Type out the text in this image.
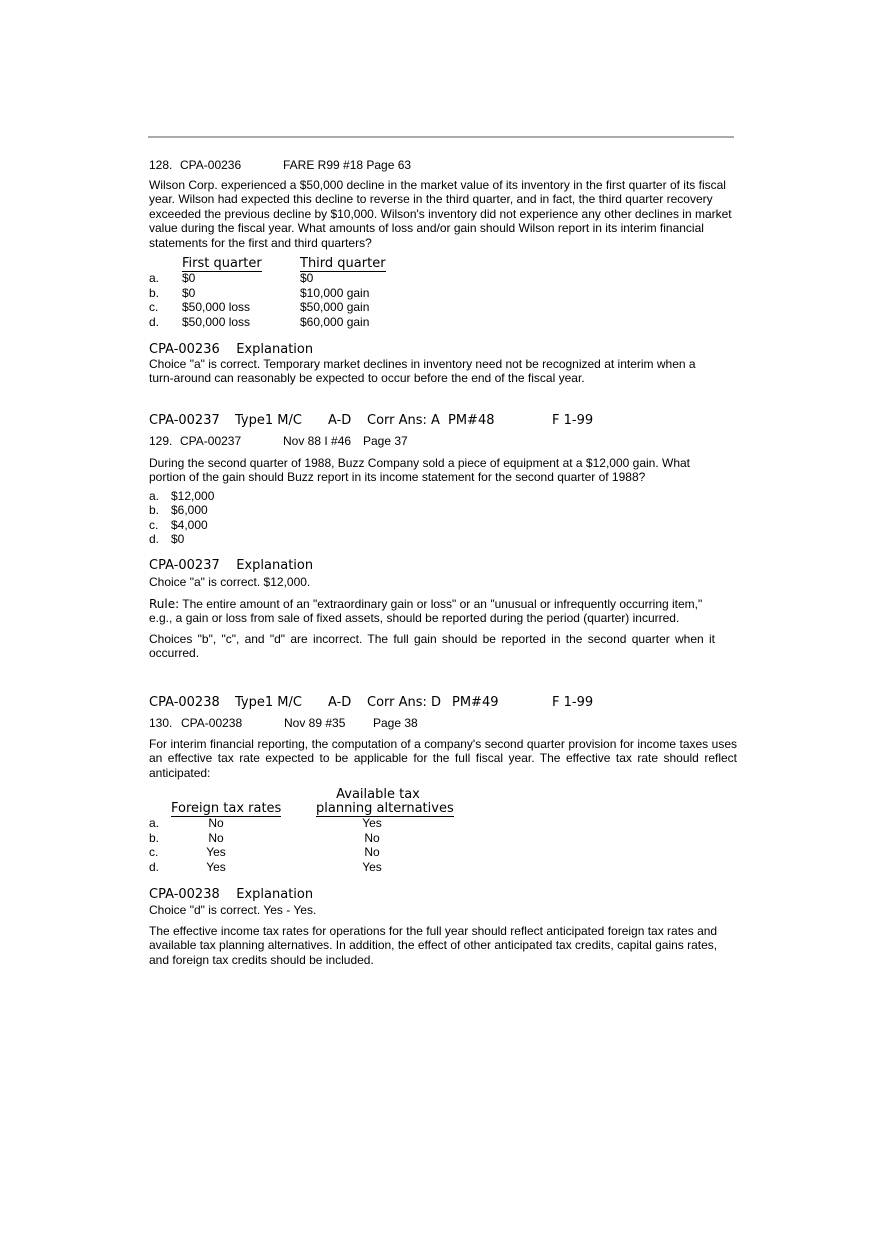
128. CPA-00236	FARE R99 #18 Page 63
Wilson Corp. experienced a $50,000 decline in the market value of its inventory in the first quarter of its fiscal year. Wilson had expected this decline to reverse in the third quarter, and in fact, the third quarter recovery exceeded the previous decline by $10,000. Wilson's inventory did not experience any other declines in market value during the fiscal year. What amounts of loss and/or gain should Wilson report in its interim financial statements for the first and third quarters?
First quarter	Third quarter
a. $0	$0
b. $0	$10,000 gain
c. $50,000 loss	$50,000 gain
d. $50,000 loss	$60,000 gain
CPA-00236    Explanation
Choice "a" is correct. Temporary market declines in inventory need not be recognized at interim when a turn-around can reasonably be expected to occur before the end of the fiscal year.
CPA-00237 Type1 M/C A-D Corr Ans: A PM#48	F 1-99
129. CPA-00237	Nov 88 I #46 Page 37
During the second quarter of 1988, Buzz Company sold a piece of equipment at a $12,000 gain. What portion of the gain should Buzz report in its income statement for the second quarter of 1988?
a. $12,000
b. $6,000
c. $4,000
d. $0
CPA-00237    Explanation
Choice "a" is correct. $12,000.
Rule: The entire amount of an "extraordinary gain or loss" or an "unusual or infrequently occurring item," e.g., a gain or loss from sale of fixed assets, should be reported during the period (quarter) incurred.
Choices "b", "c", and "d" are incorrect. The full gain should be reported in the second quarter when it occurred.
CPA-00238 Type1 M/C A-D Corr Ans: D PM#49	F 1-99
130. CPA-00238	Nov 89 #35 Page 38
For interim financial reporting, the computation of a company's second quarter provision for income taxes uses an effective tax rate expected to be applicable for the full fiscal year. The effective tax rate should reflect anticipated:
Available tax
Foreign tax rates	planning alternatives
a.	No	Yes
b.	No	No
c.	Yes	No
d.	Yes	Yes
CPA-00238    Explanation
Choice "d" is correct. Yes - Yes.
The effective income tax rates for operations for the full year should reflect anticipated foreign tax rates and available tax planning alternatives. In addition, the effect of other anticipated tax credits, capital gains rates, and foreign tax credits should be included.
